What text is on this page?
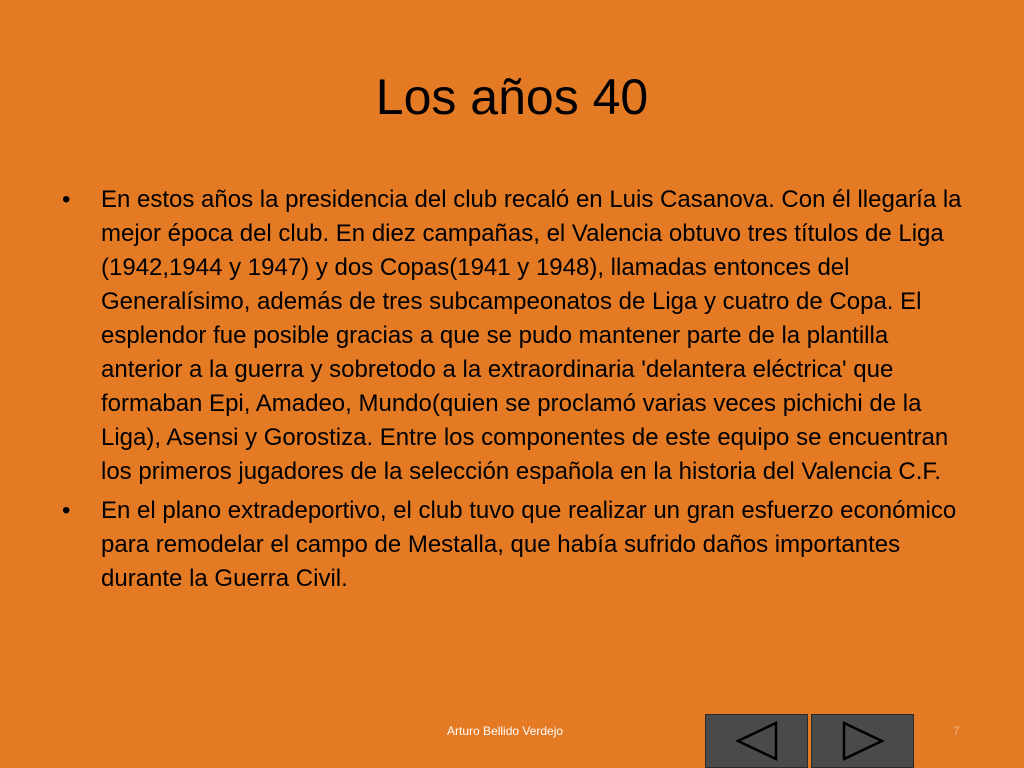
Los años 40
•	En estos años la presidencia del club recaló en Luis Casanova. Con él llegaría la mejor época del club. En diez campañas, el Valencia obtuvo tres títulos de Liga (1942,1944 y 1947) y dos Copas(1941 y 1948), llamadas entonces del Generalísimo, además de tres subcampeonatos de Liga y cuatro de Copa. El esplendor fue posible gracias a que se pudo mantener parte de la plantilla anterior a la guerra y sobretodo a la extraordinaria 'delantera eléctrica' que formaban Epi, Amadeo, Mundo(quien se proclamó varias veces pichichi de la Liga), Asensi y Gorostiza. Entre los componentes de este equipo se encuentran los primeros jugadores de la selección española en la historia del Valencia C.F.
•	En el plano extradeportivo, el club tuvo que realizar un gran esfuerzo económico para remodelar el campo de Mestalla, que había sufrido daños importantes durante la Guerra Civil.
Arturo Bellido Verdejo	7
